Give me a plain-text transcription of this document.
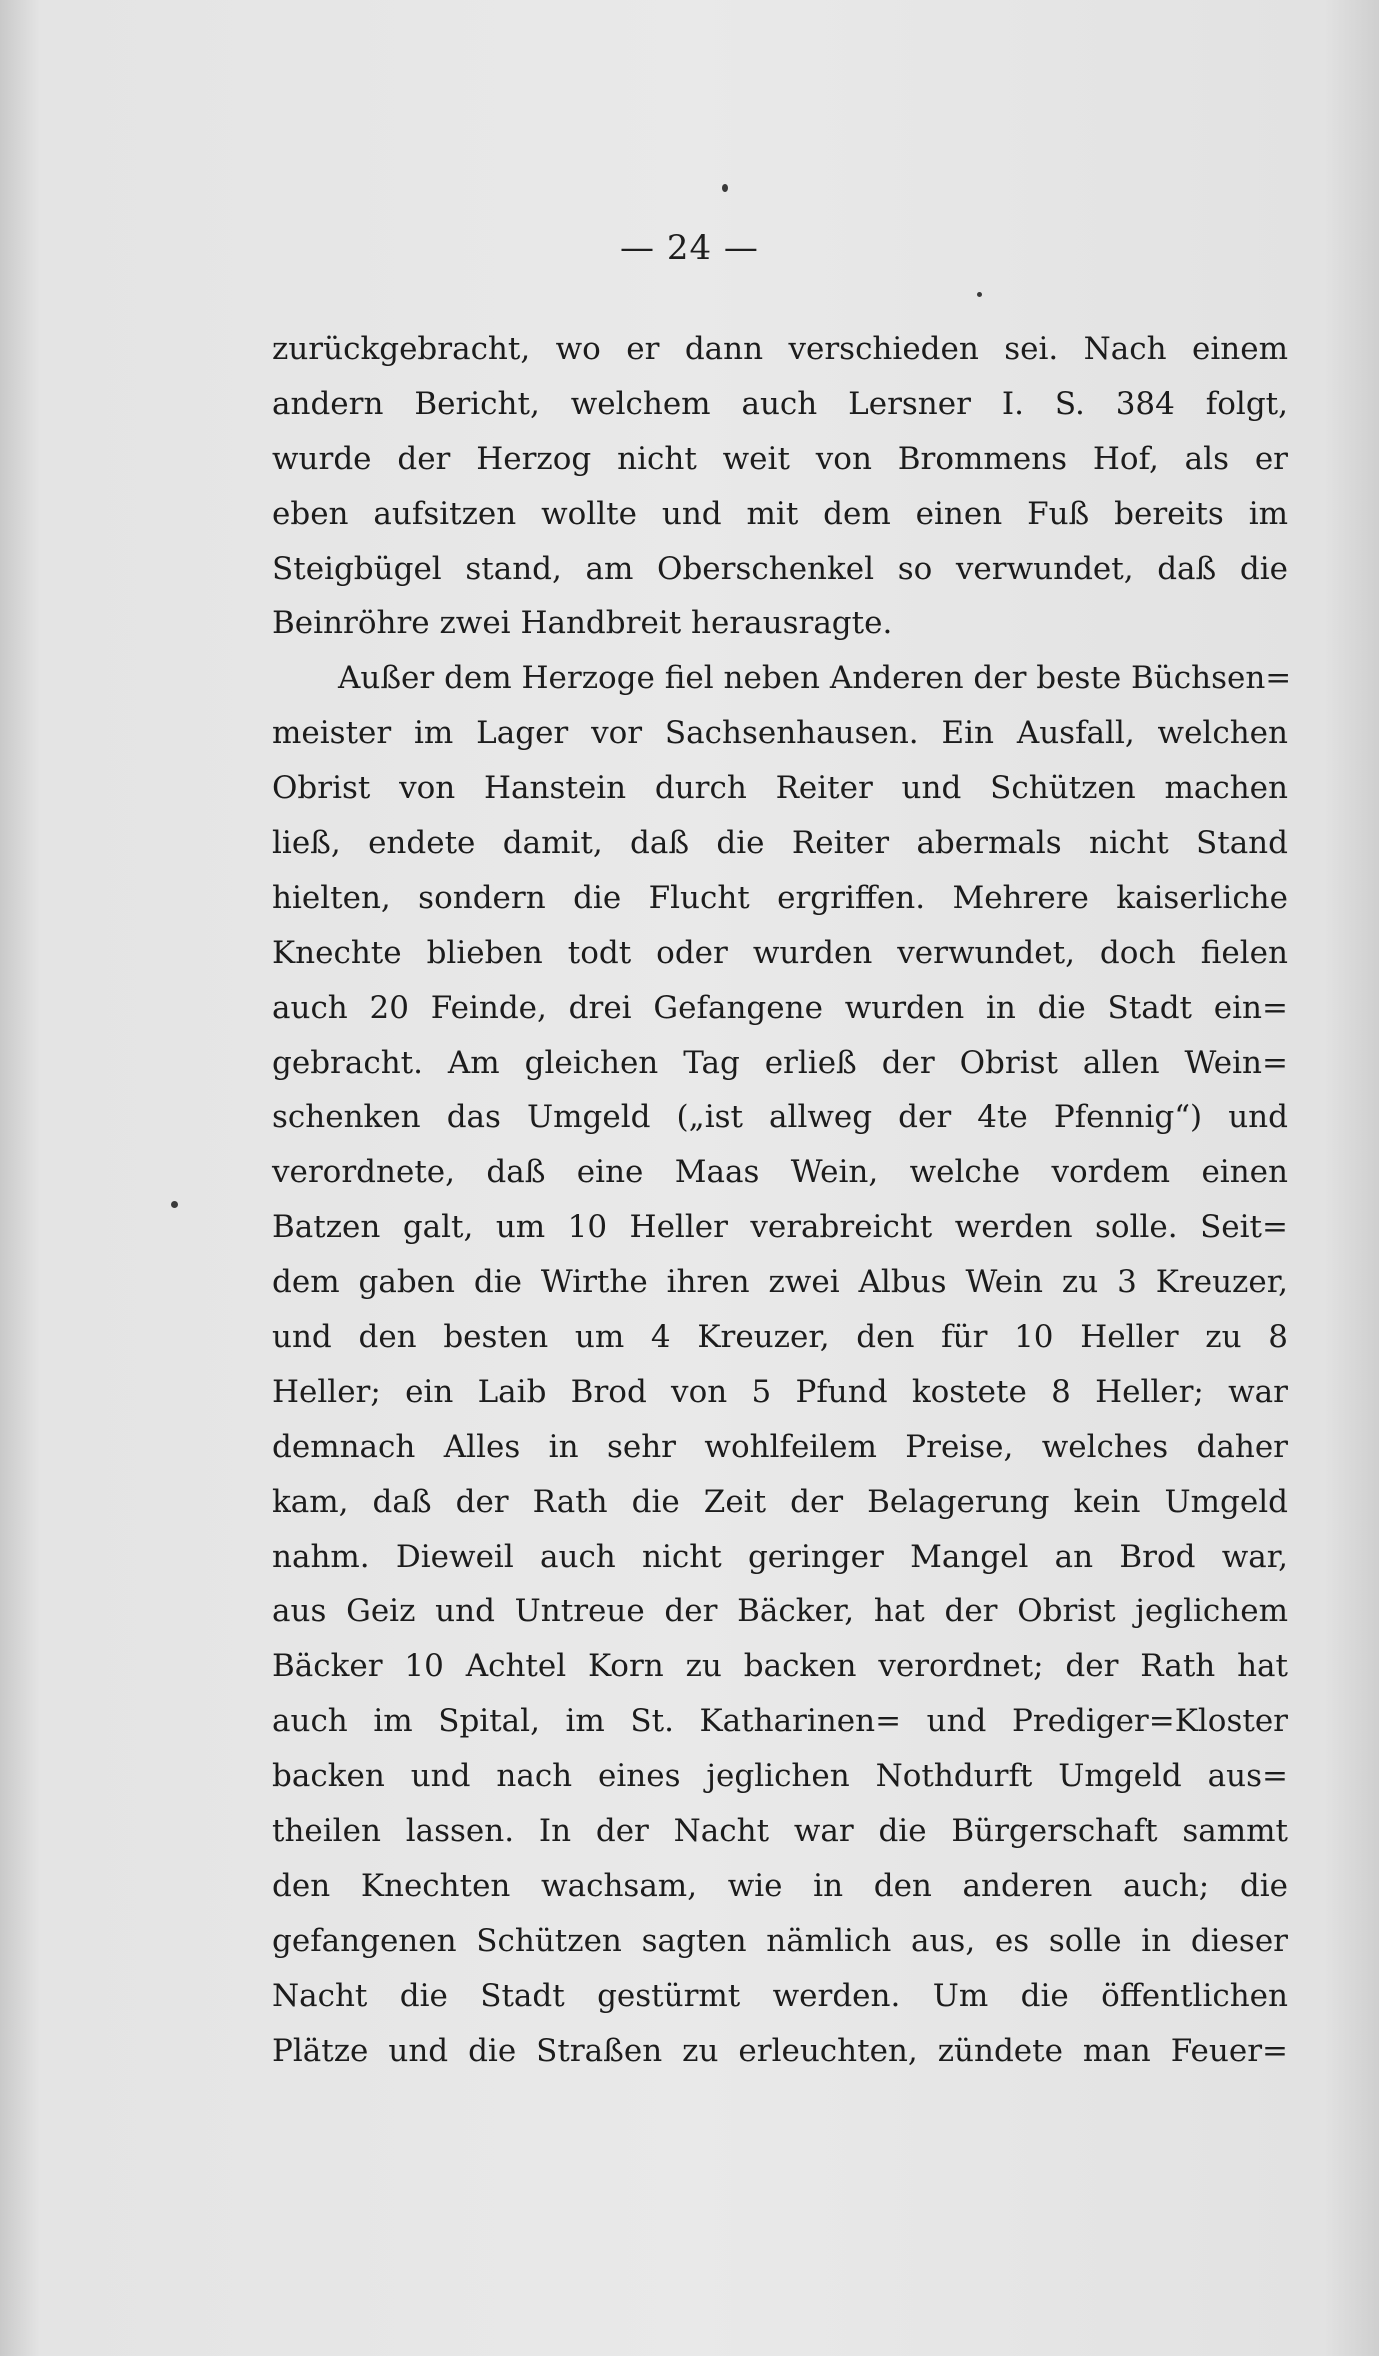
— 24 —
zurückgebracht, wo er dann verschieden sei. Nach einem
andern Bericht, welchem auch Lersner I. S. 384 folgt,
wurde der Herzog nicht weit von Brommens Hof, als er
eben aufsitzen wollte und mit dem einen Fuß bereits im
Steigbügel stand, am Oberschenkel so verwundet, daß die
Beinröhre zwei Handbreit herausragte.
Außer dem Herzoge fiel neben Anderen der beste Büchsen=
meister im Lager vor Sachsenhausen. Ein Ausfall, welchen
Obrist von Hanstein durch Reiter und Schützen machen
ließ, endete damit, daß die Reiter abermals nicht Stand
hielten, sondern die Flucht ergriffen. Mehrere kaiserliche
Knechte blieben todt oder wurden verwundet, doch fielen
auch 20 Feinde, drei Gefangene wurden in die Stadt ein=
gebracht. Am gleichen Tag erließ der Obrist allen Wein=
schenken das Umgeld („ist allweg der 4te Pfennig“) und
verordnete, daß eine Maas Wein, welche vordem einen
Batzen galt, um 10 Heller verabreicht werden solle. Seit=
dem gaben die Wirthe ihren zwei Albus Wein zu 3 Kreuzer,
und den besten um 4 Kreuzer, den für 10 Heller zu 8
Heller; ein Laib Brod von 5 Pfund kostete 8 Heller; war
demnach Alles in sehr wohlfeilem Preise, welches daher
kam, daß der Rath die Zeit der Belagerung kein Umgeld
nahm. Dieweil auch nicht geringer Mangel an Brod war,
aus Geiz und Untreue der Bäcker, hat der Obrist jeglichem
Bäcker 10 Achtel Korn zu backen verordnet; der Rath hat
auch im Spital, im St. Katharinen= und Prediger=Kloster
backen und nach eines jeglichen Nothdurft Umgeld aus=
theilen lassen. In der Nacht war die Bürgerschaft sammt
den Knechten wachsam, wie in den anderen auch; die
gefangenen Schützen sagten nämlich aus, es solle in dieser
Nacht die Stadt gestürmt werden. Um die öffentlichen
Plätze und die Straßen zu erleuchten, zündete man Feuer=
